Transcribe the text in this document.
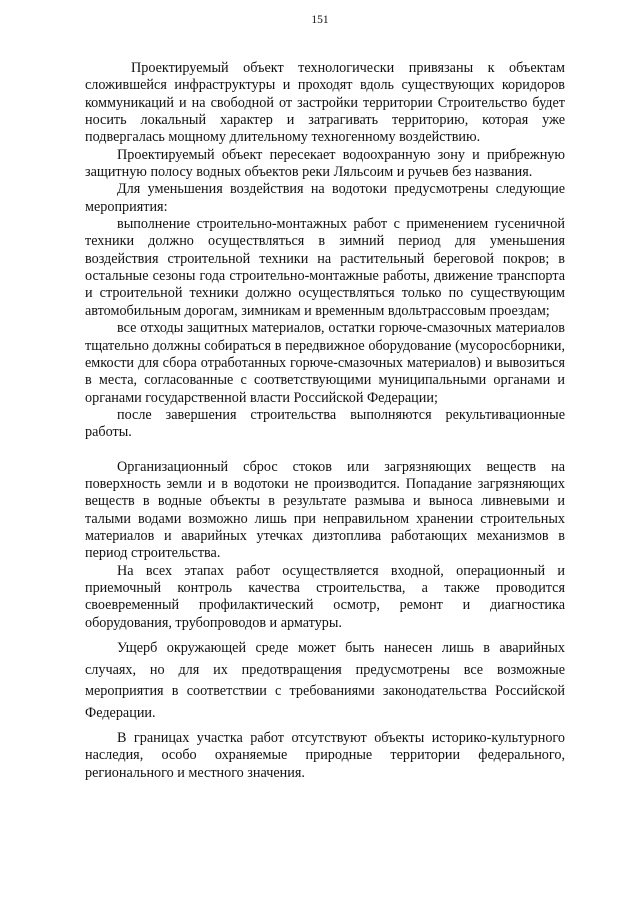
151

Проектируемый объект технологически привязаны к объектам сложившейся инфраструктуры и проходят вдоль существующих коридоров коммуникаций и на свободной от застройки территории Строительство будет носить локальный характер и затрагивать территорию, которая уже подвергалась мощному длительному техногенному воздействию.

Проектируемый объект пересекает водоохранную зону и прибрежную защитную полосу водных объектов реки Ляльсоим и ручьев без названия.

Для уменьшения воздействия на водотоки предусмотрены следующие мероприятия:

выполнение строительно-монтажных работ с применением гусеничной техники должно осуществляться в зимний период для уменьшения воздействия строительной техники на растительный береговой покров; в остальные сезоны года строительно-монтажные работы, движение транспорта и строительной техники должно осуществляться только по существующим автомобильным дорогам, зимникам и временным вдольтрассовым проездам;

все отходы защитных материалов, остатки горюче-смазочных материалов тщательно должны собираться в передвижное оборудование (мусоросборники, емкости для сбора отработанных горюче-смазочных материалов) и вывозиться в места, согласованные с соответствующими муниципальными органами и органами государственной власти Российской Федерации;

после завершения строительства выполняются рекультивационные работы.

Организационный сброс стоков или загрязняющих веществ на поверхность земли и в водотоки не производится. Попадание загрязняющих веществ в водные объекты в результате размыва и выноса ливневыми и талыми водами возможно лишь при неправильном хранении строительных материалов и аварийных утечках дизтоплива работающих механизмов в период строительства.

На всех этапах работ осуществляется входной, операционный и приемочный контроль качества строительства, а также проводится своевременный профилактический осмотр, ремонт и диагностика оборудования, трубопроводов и арматуры.

Ущерб окружающей среде может быть нанесен лишь в аварийных случаях, но для их предотвращения предусмотрены все возможные мероприятия в соответствии с требованиями законодательства Российской Федерации.

В границах участка работ отсутствуют объекты историко-культурного наследия, особо охраняемые природные территории федерального, регионального и местного значения.
